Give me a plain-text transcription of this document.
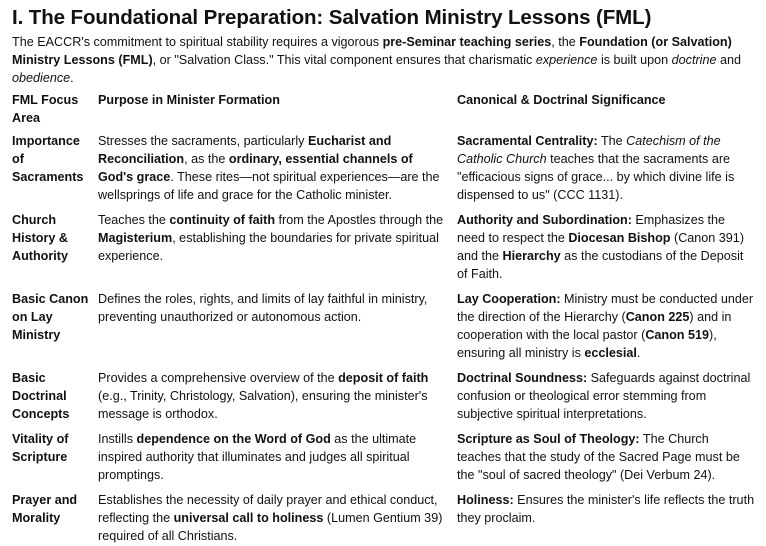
I. The Foundational Preparation: Salvation Ministry Lessons (FML)

The EACCR's commitment to spiritual stability requires a vigorous pre-Seminar teaching series, the Foundation (or Salvation) Ministry Lessons (FML), or "Salvation Class." This vital component ensures that charismatic experience is built upon doctrine and obedience.

FML Focus Area	Purpose in Minister Formation	Canonical & Doctrinal Significance
Importance of Sacraments	Stresses the sacraments, particularly Eucharist and Reconciliation, as the ordinary, essential channels of God's grace. These rites—not spiritual experiences—are the wellsprings of life and grace for the Catholic minister.	Sacramental Centrality: The Catechism of the Catholic Church teaches that the sacraments are "efficacious signs of grace... by which divine life is dispensed to us" (CCC 1131).
Church History & Authority	Teaches the continuity of faith from the Apostles through the Magisterium, establishing the boundaries for private spiritual experience.	Authority and Subordination: Emphasizes the need to respect the Diocesan Bishop (Canon 391) and the Hierarchy as the custodians of the Deposit of Faith.
Basic Canon on Lay Ministry	Defines the roles, rights, and limits of lay faithful in ministry, preventing unauthorized or autonomous action.	Lay Cooperation: Ministry must be conducted under the direction of the Hierarchy (Canon 225) and in cooperation with the local pastor (Canon 519), ensuring all ministry is ecclesial.
Basic Doctrinal Concepts	Provides a comprehensive overview of the deposit of faith (e.g., Trinity, Christology, Salvation), ensuring the minister's message is orthodox.	Doctrinal Soundness: Safeguards against doctrinal confusion or theological error stemming from subjective spiritual interpretations.
Vitality of Scripture	Instills dependence on the Word of God as the ultimate inspired authority that illuminates and judges all spiritual promptings.	Scripture as Soul of Theology: The Church teaches that the study of the Sacred Page must be the "soul of sacred theology" (Dei Verbum 24).
Prayer and Morality	Establishes the necessity of daily prayer and ethical conduct, reflecting the universal call to holiness (Lumen Gentium 39) required of all Christians.	Holiness: Ensures the minister's life reflects the truth they proclaim.
